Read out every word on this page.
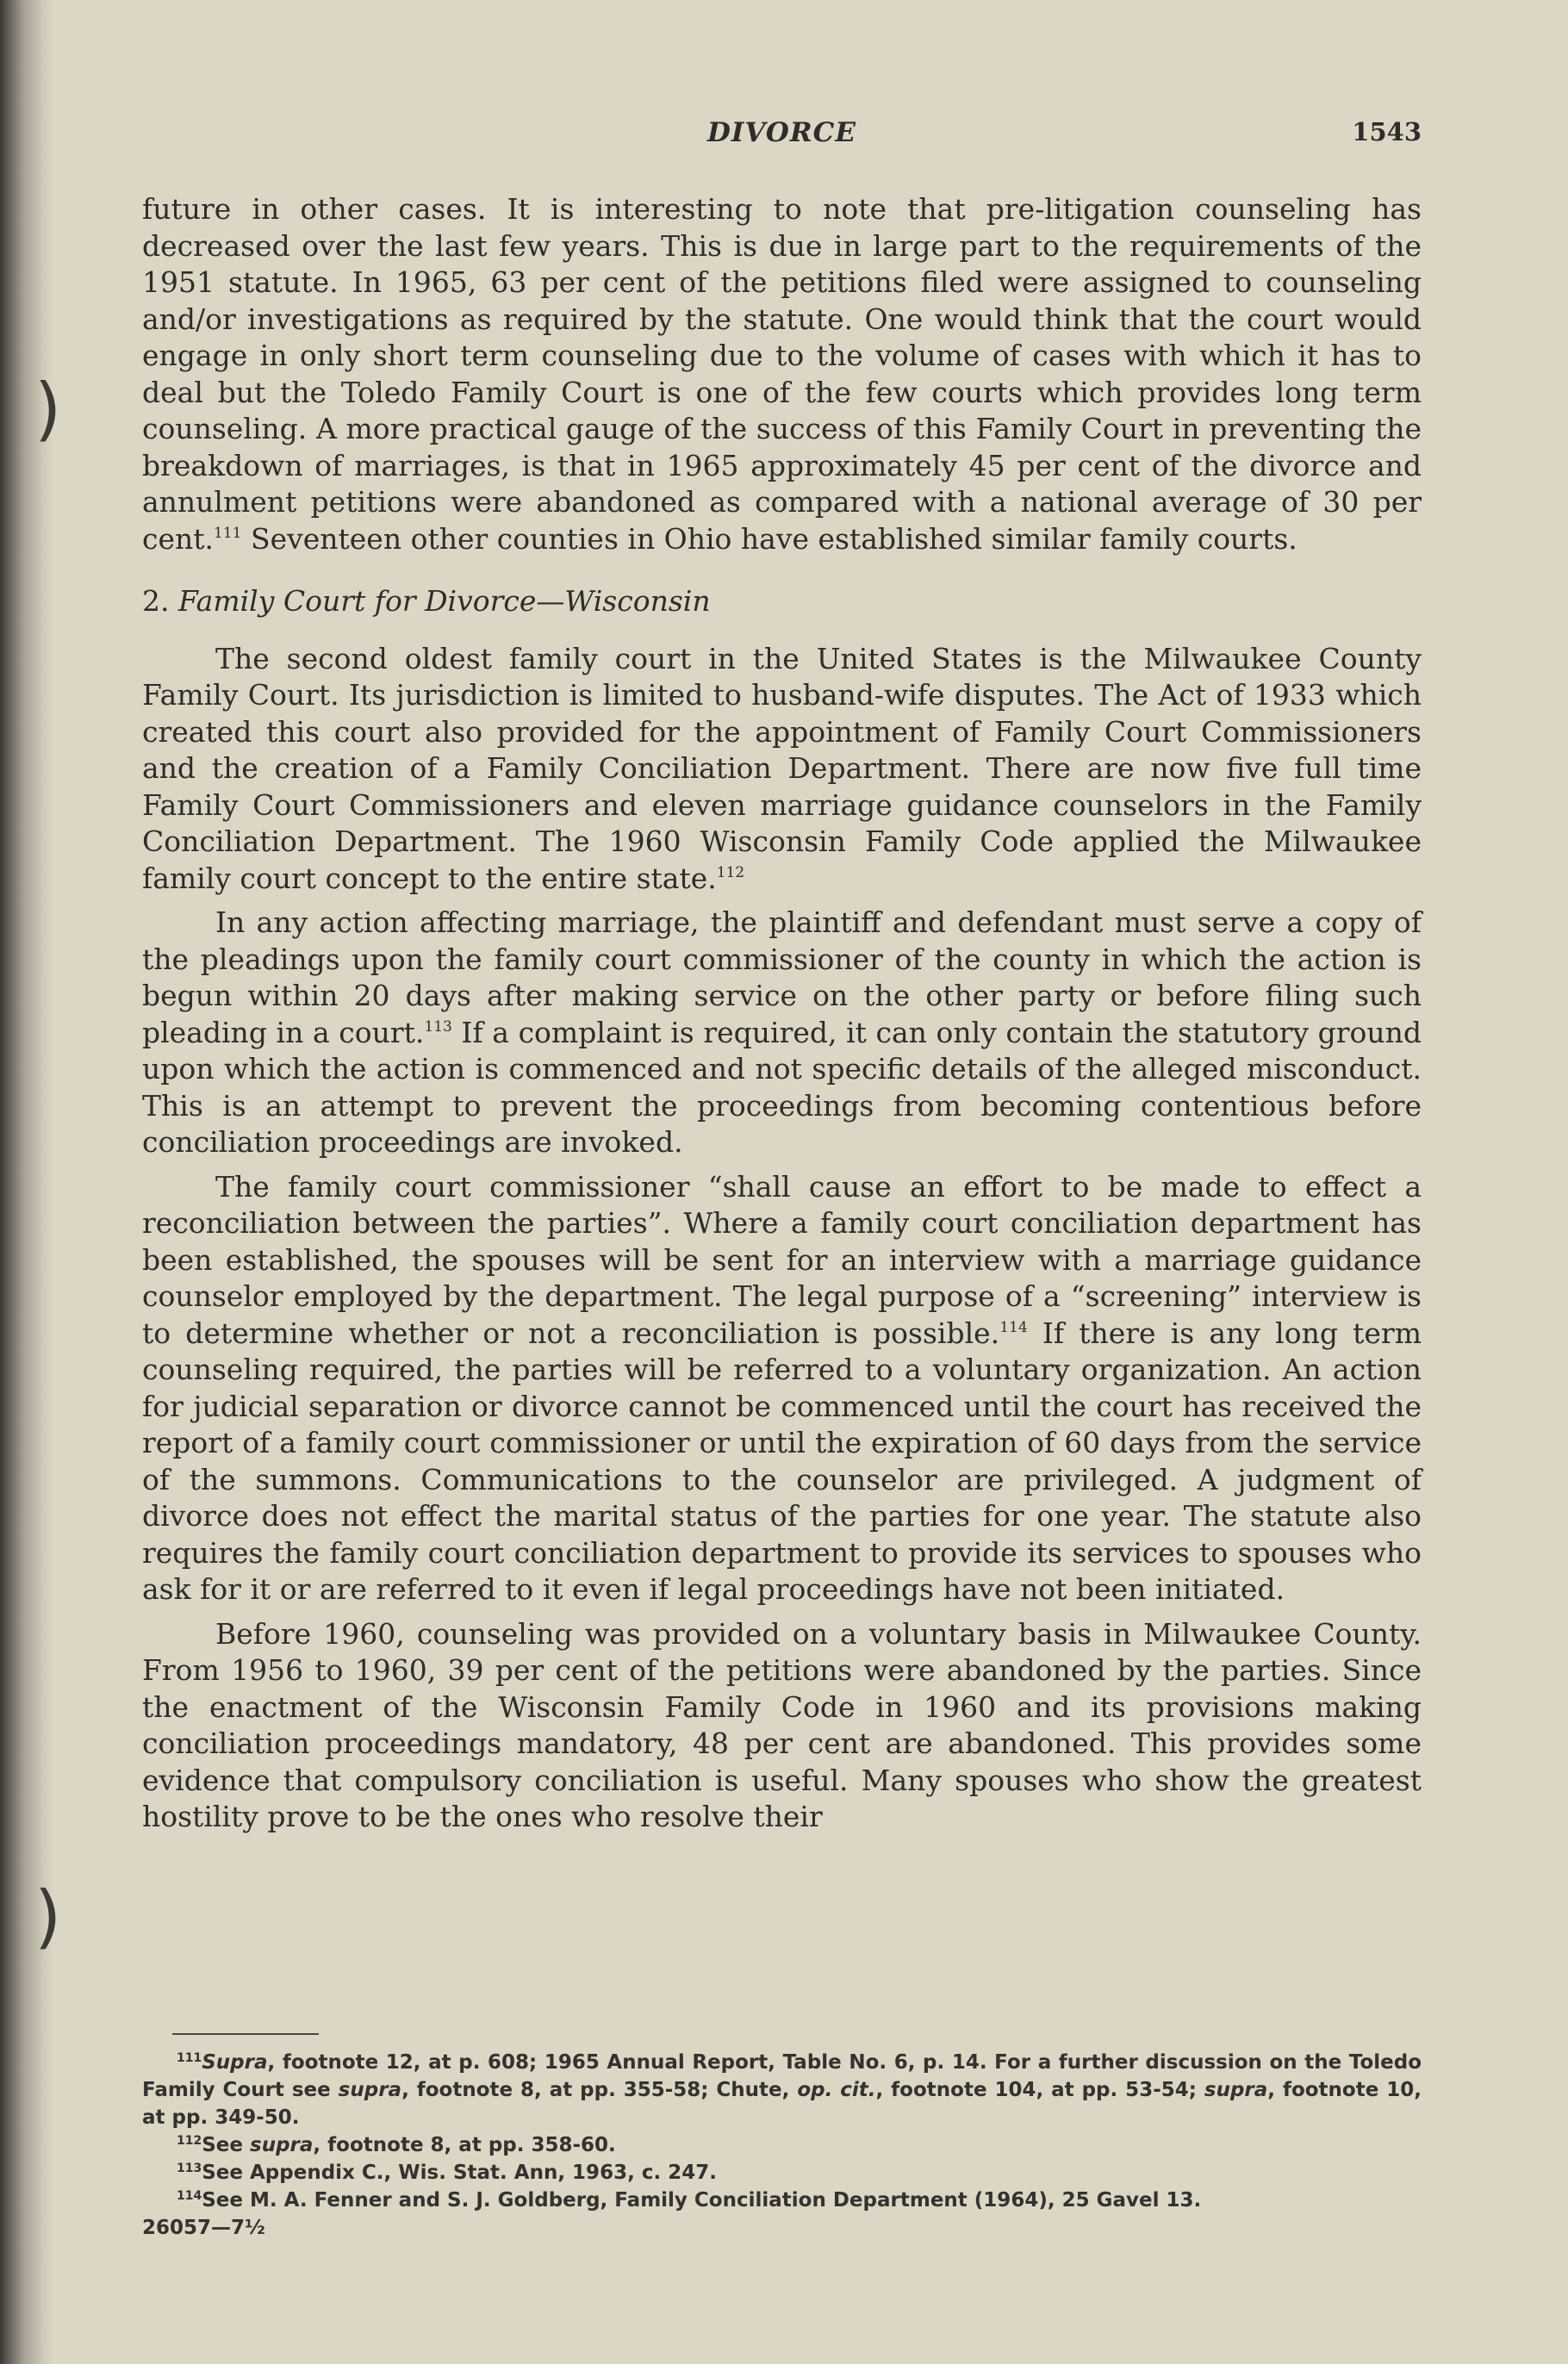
)
)
DIVORCE	1543

future in other cases. It is interesting to note that pre-litigation counseling has decreased over the last few years. This is due in large part to the requirements of the 1951 statute. In 1965, 63 per cent of the petitions filed were assigned to counseling and/or investigations as required by the statute. One would think that the court would engage in only short term counseling due to the volume of cases with which it has to deal but the Toledo Family Court is one of the few courts which provides long term counseling. A more practical gauge of the success of this Family Court in preventing the breakdown of marriages, is that in 1965 approximately 45 per cent of the divorce and annulment petitions were abandoned as compared with a national average of 30 per cent.$^{111}$ Seventeen other counties in Ohio have established similar family courts.

2. Family Court for Divorce—Wisconsin

The second oldest family court in the United States is the Milwaukee County Family Court. Its jurisdiction is limited to husband-wife disputes. The Act of 1933 which created this court also provided for the appointment of Family Court Commissioners and the creation of a Family Conciliation Department. There are now five full time Family Court Commissioners and eleven marriage guidance counselors in the Family Conciliation Department. The 1960 Wisconsin Family Code applied the Milwaukee family court concept to the entire state.$^{112}$

In any action affecting marriage, the plaintiff and defendant must serve a copy of the pleadings upon the family court commissioner of the county in which the action is begun within 20 days after making service on the other party or before filing such pleading in a court.$^{113}$ If a complaint is required, it can only contain the statutory ground upon which the action is commenced and not specific details of the alleged misconduct. This is an attempt to prevent the proceedings from becoming contentious before conciliation proceedings are invoked.

The family court commissioner “shall cause an effort to be made to effect a reconciliation between the parties”. Where a family court conciliation department has been established, the spouses will be sent for an interview with a marriage guidance counselor employed by the department. The legal purpose of a “screening” interview is to determine whether or not a reconciliation is possible.$^{114}$ If there is any long term counseling required, the parties will be referred to a voluntary organization. An action for judicial separation or divorce cannot be commenced until the court has received the report of a family court commissioner or until the expiration of 60 days from the service of the summons. Communications to the counselor are privileged. A judgment of divorce does not effect the marital status of the parties for one year. The statute also requires the family court conciliation department to provide its services to spouses who ask for it or are referred to it even if legal proceedings have not been initiated.

Before 1960, counseling was provided on a voluntary basis in Milwaukee County. From 1956 to 1960, 39 per cent of the petitions were abandoned by the parties. Since the enactment of the Wisconsin Family Code in 1960 and its provisions making conciliation proceedings mandatory, 48 per cent are abandoned. This provides some evidence that compulsory conciliation is useful. Many spouses who show the greatest hostility prove to be the ones who resolve their

$^{111}$Supra, footnote 12, at p. 608; 1965 Annual Report, Table No. 6, p. 14. For a further discussion on the Toledo Family Court see supra, footnote 8, at pp. 355-58; Chute, op. cit., footnote 104, at pp. 53-54; supra, footnote 10, at pp. 349-50.

$^{112}$See supra, footnote 8, at pp. 358-60.

$^{113}$See Appendix C., Wis. Stat. Ann, 1963, c. 247.

$^{114}$See M. A. Fenner and S. J. Goldberg, Family Conciliation Department (1964), 25 Gavel 13.

26057—7½
